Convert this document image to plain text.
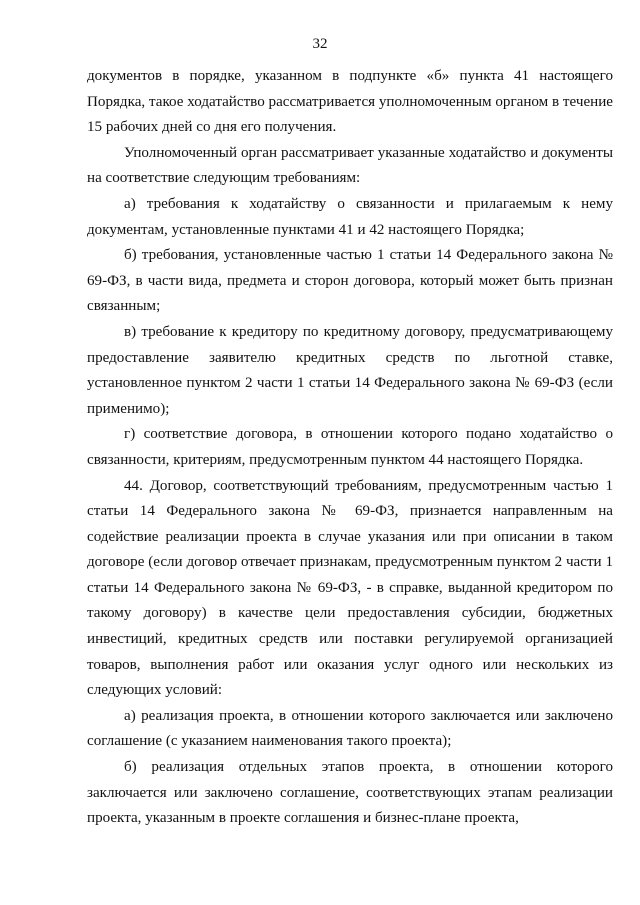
32

документов в порядке, указанном в подпункте «б» пункта 41 настоящего Порядка, такое ходатайство рассматривается уполномоченным органом в течение 15 рабочих дней со дня его получения.

Уполномоченный орган рассматривает указанные ходатайство и документы на соответствие следующим требованиям:

а) требования к ходатайству о связанности и прилагаемым к нему документам, установленные пунктами 41 и 42 настоящего Порядка;

б) требования, установленные частью 1 статьи 14 Федерального закона № 69-ФЗ, в части вида, предмета и сторон договора, который может быть признан связанным;

в) требование к кредитору по кредитному договору, предусматривающему предоставление заявителю кредитных средств по льготной ставке, установленное пунктом 2 части 1 статьи 14 Федерального закона № 69-ФЗ (если применимо);

г) соответствие договора, в отношении которого подано ходатайство о связанности, критериям, предусмотренным пунктом 44 настоящего Порядка.

44. Договор, соответствующий требованиям, предусмотренным частью 1 статьи 14 Федерального закона № 69-ФЗ, признается направленным на содействие реализации проекта в случае указания или при описании в таком договоре (если договор отвечает признакам, предусмотренным пунктом 2 части 1 статьи 14 Федерального закона № 69-ФЗ, - в справке, выданной кредитором по такому договору) в качестве цели предоставления субсидии, бюджетных инвестиций, кредитных средств или поставки регулируемой организацией товаров, выполнения работ или оказания услуг одного или нескольких из следующих условий:

а) реализация проекта, в отношении которого заключается или заключено соглашение (с указанием наименования такого проекта);

б) реализация отдельных этапов проекта, в отношении которого заключается или заключено соглашение, соответствующих этапам реализации проекта, указанным в проекте соглашения и бизнес-плане проекта,
